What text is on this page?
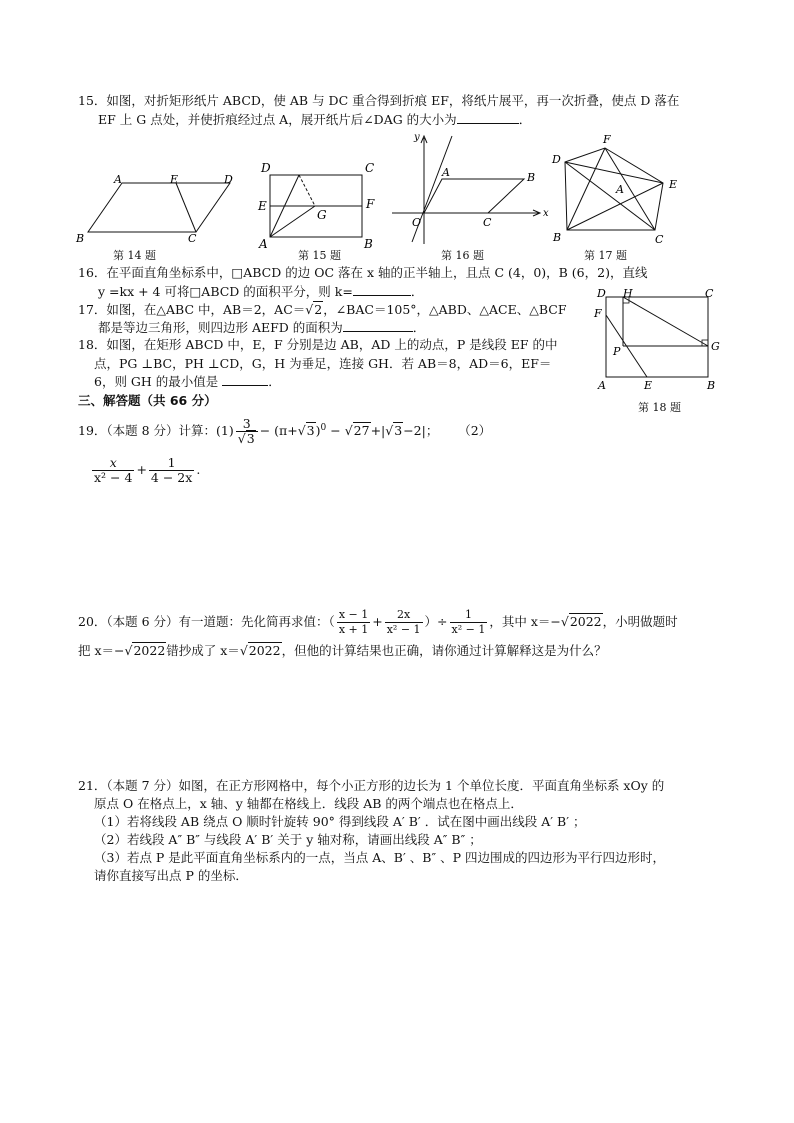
15．如图，对折矩形纸片 ABCD，使 AB 与 DC 重合得到折痕 EF，将纸片展平，再一次折叠，使点 D 落在
EF 上 G 点处，并使折痕经过点 A，展开纸片后∠DAG 的大小为	．
A	E	D
B	C
第 14 题
D	C
E	F
G
A	B
第 15 题
y
A	B
O	C
x
第 16 题
F
D
E
A
B	C
第 17 题
16．在平面直角坐标系中，□ABCD 的边 OC 落在 x 轴的正半轴上，且点 C (4，0)，B (6，2)，直线
y =kx + 4 可将□ABCD 的面积平分，则 k=	．
17．如图，在△ABC 中，AB＝2，AC＝√2，∠BAC＝105°，△ABD、△ACE、△BCF
都是等边三角形，则四边形 AEFD 的面积为	．
18．如图，在矩形 ABCD 中，E，F 分别是边 AB，AD 上的动点，P 是线段 EF 的中
点，PG ⊥BC，PH ⊥CD，G，H 为垂足，连接 GH．若 AB＝8，AD＝6，EF＝
6，则 GH 的最小值是	．
D H	C
F
P	G
A	E	B
第 18 题
三、解答题（共 66 分）
19．（本题 8 分）计算：$(1) \frac{3}{√3} - (\pi+√3)^0 - √27+|√3-2|$； （2）
$\frac{x}{\text{x² − 4}} + \frac{1}{4 - 2x}$ .
20．（本题 6 分）有一道题：先化简再求值：（ $\frac{x - 1}{x + 1} + \frac{2x}{\text{x² − 1}}$ ）÷ $\frac{1}{\text{x² − 1}}$ ，其中 x＝−√2022，小明做题时
把 x＝−√2022错抄成了 x＝√2022，但他的计算结果也正确，请你通过计算解释这是为什么？
21．（本题 7 分）如图，在正方形网格中，每个小正方形的边长为 1 个单位长度．平面直角坐标系 xOy 的
原点 O 在格点上，x 轴、y 轴都在格线上．线段 AB 的两个端点也在格点上．
（1）若将线段 AB 绕点 O 顺时针旋转 90° 得到线段 A′ B′ ．试在图中画出线段 A′ B′ ；
（2）若线段 A″ B″ 与线段 A′ B′ 关于 y 轴对称，请画出线段 A″ B″ ；
（3）若点 P 是此平面直角坐标系内的一点，当点 A、B′ 、B″ 、P 四边围成的四边形为平行四边形时，
请你直接写出点 P 的坐标．
